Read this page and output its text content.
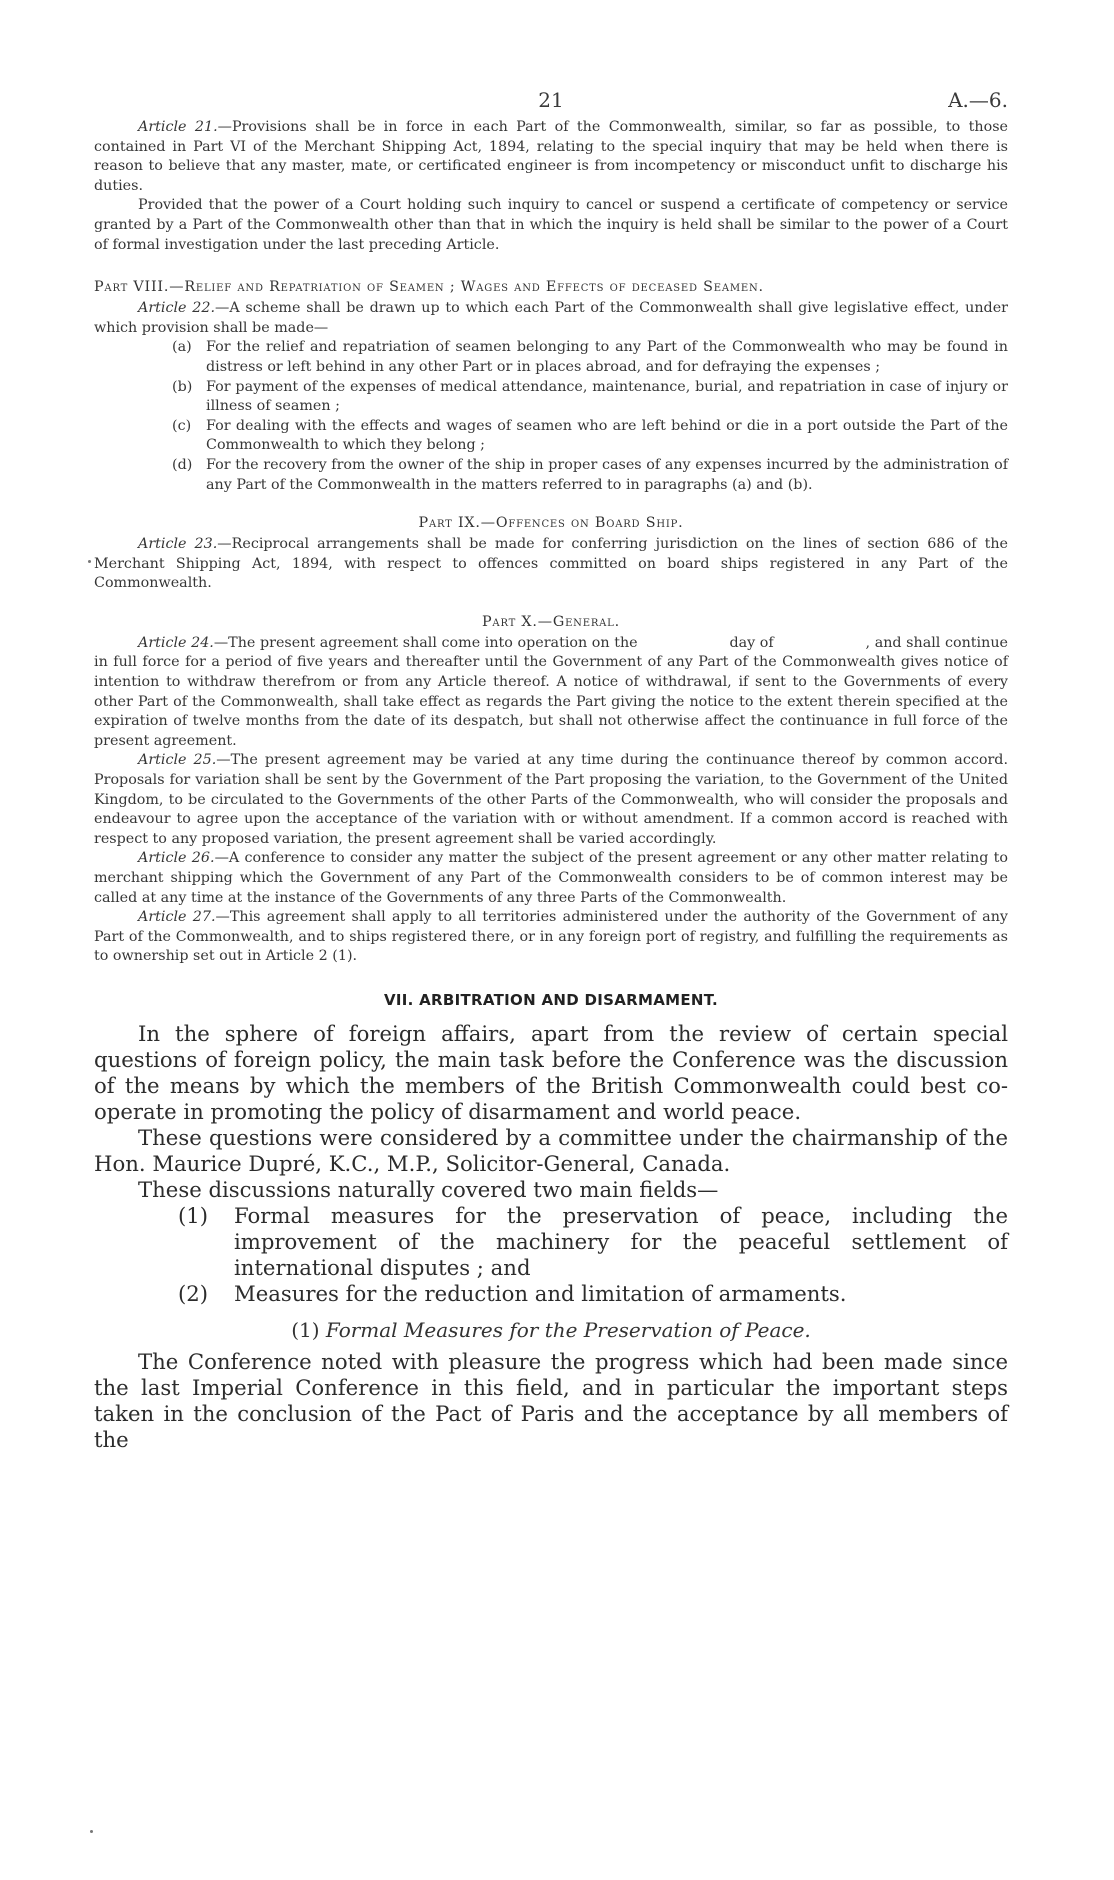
21	A.—6.

Article 21.—Provisions shall be in force in each Part of the Commonwealth, similar, so far as possible, to those contained in Part VI of the Merchant Shipping Act, 1894, relating to the special inquiry that may be held when there is reason to believe that any master, mate, or certificated engineer is from incompetency or misconduct unfit to discharge his duties.

Provided that the power of a Court holding such inquiry to cancel or suspend a certificate of competency or service granted by a Part of the Commonwealth other than that in which the inquiry is held shall be similar to the power of a Court of formal investigation under the last preceding Article.

Part VIII.—Relief and Repatriation of Seamen ; Wages and Effects of deceased Seamen.

Article 22.—A scheme shall be drawn up to which each Part of the Commonwealth shall give legislative effect, under which provision shall be made—

(a) For the relief and repatriation of seamen belonging to any Part of the Commonwealth who may be found in distress or left behind in any other Part or in places abroad, and for defraying the expenses ;
(b) For payment of the expenses of medical attendance, maintenance, burial, and repatriation in case of injury or illness of seamen ;
(c) For dealing with the effects and wages of seamen who are left behind or die in a port outside the Part of the Commonwealth to which they belong ;
(d) For the recovery from the owner of the ship in proper cases of any expenses incurred by the administration of any Part of the Commonwealth in the matters referred to in paragraphs (a) and (b).
Part IX.—Offences on Board Ship.

Article 23.—Reciprocal arrangements shall be made for conferring jurisdiction on the lines of section 686 of the Merchant Shipping Act, 1894, with respect to offences committed on board ships registered in any Part of the Commonwealth.

Part X.—General.

Article 24.—The present agreement shall come into operation on the                    day of                    , and shall continue in full force for a period of five years and thereafter until the Government of any Part of the Commonwealth gives notice of intention to withdraw therefrom or from any Article thereof. A notice of withdrawal, if sent to the Governments of every other Part of the Commonwealth, shall take effect as regards the Part giving the notice to the extent therein specified at the expiration of twelve months from the date of its despatch, but shall not otherwise affect the continuance in full force of the present agreement.

Article 25.—The present agreement may be varied at any time during the continuance thereof by common accord. Proposals for variation shall be sent by the Government of the Part proposing the variation, to the Government of the United Kingdom, to be circulated to the Governments of the other Parts of the Commonwealth, who will consider the proposals and endeavour to agree upon the acceptance of the variation with or without amendment. If a common accord is reached with respect to any proposed variation, the present agreement shall be varied accordingly.

Article 26.—A conference to consider any matter the subject of the present agreement or any other matter relating to merchant shipping which the Government of any Part of the Commonwealth considers to be of common interest may be called at any time at the instance of the Governments of any three Parts of the Commonwealth.

Article 27.—This agreement shall apply to all territories administered under the authority of the Government of any Part of the Commonwealth, and to ships registered there, or in any foreign port of registry, and fulfilling the requirements as to ownership set out in Article 2 (1).

VII. ARBITRATION AND DISARMAMENT.

In the sphere of foreign affairs, apart from the review of certain special questions of foreign policy, the main task before the Conference was the discussion of the means by which the members of the British Commonwealth could best co-operate in promoting the policy of disarmament and world peace.

These questions were considered by a committee under the chairmanship of the Hon. Maurice Dupré, K.C., M.P., Solicitor-General, Canada.

These discussions naturally covered two main fields—

(1) Formal measures for the preservation of peace, including the improvement of the machinery for the peaceful settlement of international disputes ; and
(2) Measures for the reduction and limitation of armaments.
(1) Formal Measures for the Preservation of Peace.

The Conference noted with pleasure the progress which had been made since the last Imperial Conference in this field, and in particular the important steps taken in the conclusion of the Pact of Paris and the acceptance by all members of the
